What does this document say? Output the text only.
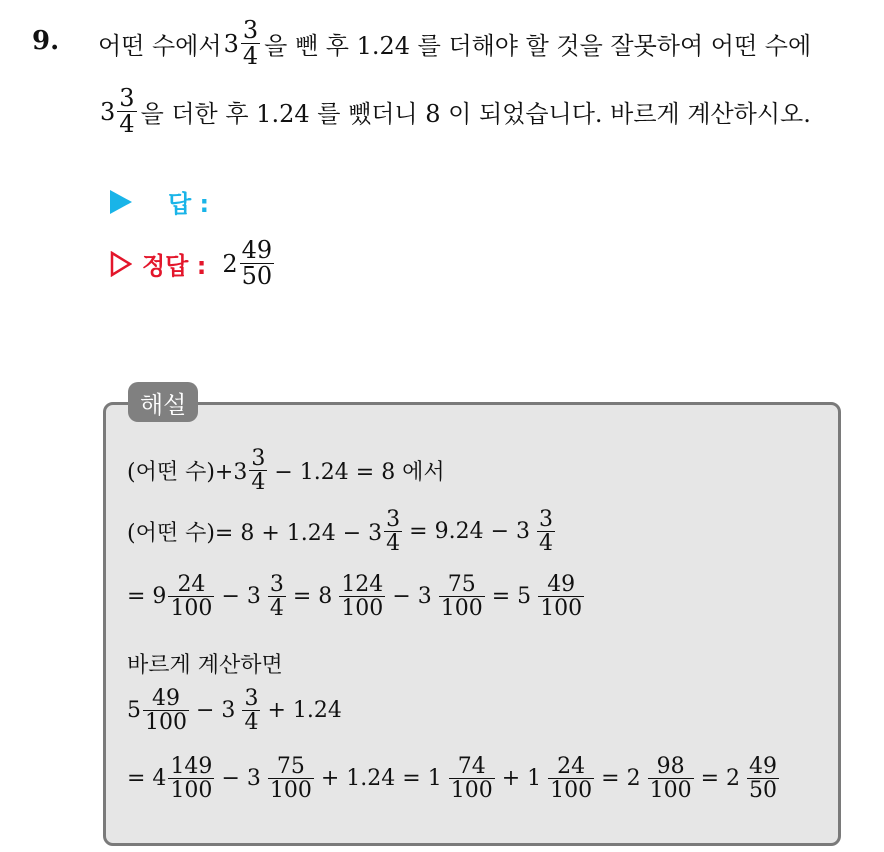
9. 어떤 수에서 $3 \frac{3}{4}$ 을 뺀 후 1.24 를 더해야 할 것을 잘못하여 어떤 수에
$3 \frac{3}{4}$ 을 더한 후 1.24 를 뺐더니 8 이 되었습니다. 바르게 계산하시오.
답 :
정답 : $2 \frac{49}{50}$
해설
(어떤 수)$+3 \frac{3}{4} - 1.24 = 8$ 에서
(어떤 수)= $8 + 1.24 - 3 \frac{3}{4} = 9.24 - 3 \frac{3}{4}$
= $9 \frac{24}{100} - 3 \frac{3}{4} = 8 \frac{124}{100} - 3 \frac{75}{100} = 5 \frac{49}{100}$
바르게 계산하면
$5 \frac{49}{100} - 3 \frac{3}{4} + 1.24$
= $4 \frac{149}{100} - 3 \frac{75}{100} + 1.24 = 1 \frac{74}{100} + 1 \frac{24}{100} = 2 \frac{98}{100} = 2 \frac{49}{50}$
